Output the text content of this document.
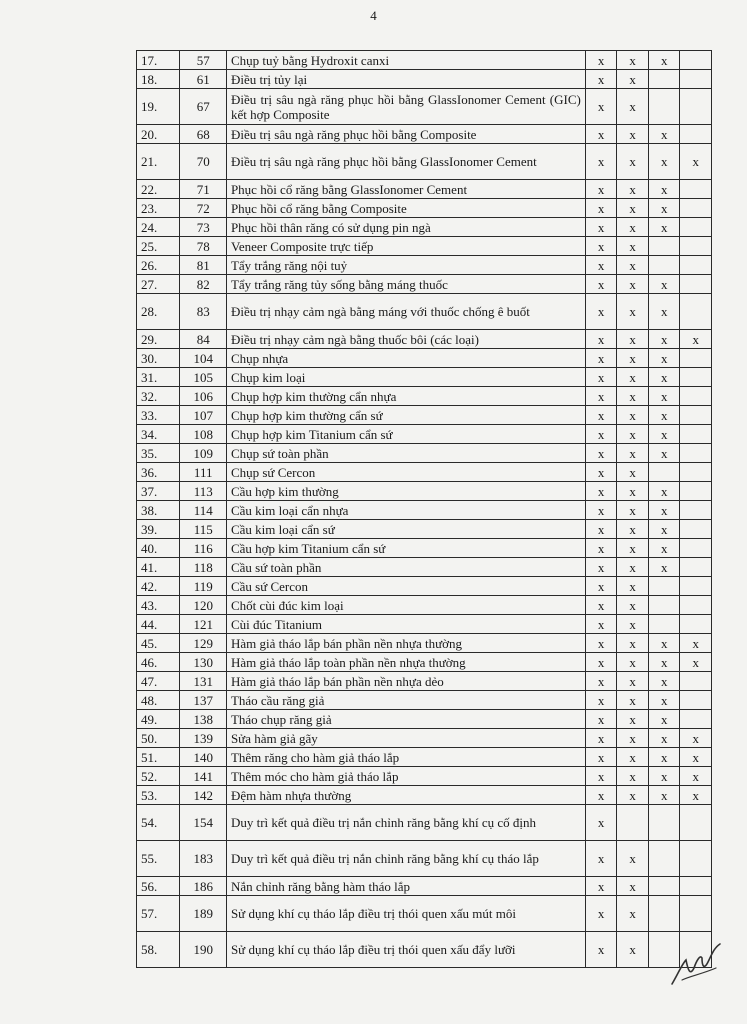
4
17.	57	Chụp tuỷ bằng Hydroxit canxi	x	x	x	
18.	61	Điều trị tủy lại	x	x		
19.	67	Điều trị sâu ngà răng phục hồi bằng GlassIonomer Cement (GIC) kết hợp Composite	x	x		
20.	68	Điều trị sâu ngà răng phục hồi bằng Composite	x	x	x	
21.	70	Điều trị sâu ngà răng phục hồi bằng GlassIonomer Cement	x	x	x	x
22.	71	Phục hồi cổ răng bằng GlassIonomer Cement	x	x	x	
23.	72	Phục hồi cổ răng bằng Composite	x	x	x	
24.	73	Phục hồi thân răng có sử dụng pin ngà	x	x	x	
25.	78	Veneer Composite trực tiếp	x	x		
26.	81	Tẩy trắng răng nội tuỷ	x	x		
27.	82	Tẩy trắng răng tủy sống bằng máng thuốc	x	x	x	
28.	83	Điều trị nhạy cảm ngà bằng máng với thuốc chống ê buốt	x	x	x	
29.	84	Điều trị nhạy cảm ngà bằng thuốc bôi (các loại)	x	x	x	x
30.	104	Chụp nhựa	x	x	x	
31.	105	Chụp kim loại	x	x	x	
32.	106	Chụp hợp kim thường cẩn nhựa	x	x	x	
33.	107	Chụp hợp kim thường cẩn sứ	x	x	x	
34.	108	Chụp hợp kim Titanium cẩn sứ	x	x	x	
35.	109	Chụp sứ toàn phần	x	x	x	
36.	111	Chụp sứ Cercon	x	x		
37.	113	Cầu hợp kim thường	x	x	x	
38.	114	Cầu kim loại cẩn nhựa	x	x	x	
39.	115	Cầu kim loại cẩn sứ	x	x	x	
40.	116	Cầu hợp kim Titanium cẩn sứ	x	x	x	
41.	118	Cầu sứ toàn phần	x	x	x	
42.	119	Cầu sứ Cercon	x	x		
43.	120	Chốt cùi đúc kim loại	x	x		
44.	121	Cùi đúc Titanium	x	x		
45.	129	Hàm giả tháo lắp bán phần nền nhựa thường	x	x	x	x
46.	130	Hàm giả tháo lắp toàn phần nền nhựa thường	x	x	x	x
47.	131	Hàm giả tháo lắp bán phần nền nhựa dẻo	x	x	x	
48.	137	Tháo cầu răng giả	x	x	x	
49.	138	Tháo chụp răng giả	x	x	x	
50.	139	Sửa hàm giả gãy	x	x	x	x
51.	140	Thêm răng cho hàm giả tháo lắp	x	x	x	x
52.	141	Thêm móc cho hàm giả tháo lắp	x	x	x	x
53.	142	Đệm hàm nhựa thường	x	x	x	x
54.	154	Duy trì kết quả điều trị nắn chỉnh răng bằng khí cụ cố định	x			
55.	183	Duy trì kết quả điều trị nắn chỉnh răng bằng khí cụ tháo lắp	x	x		
56.	186	Nắn chỉnh răng bằng hàm tháo lắp	x	x		
57.	189	Sử dụng khí cụ tháo lắp điều trị thói quen xấu mút môi	x	x		
58.	190	Sử dụng khí cụ tháo lắp điều trị thói quen xấu đẩy lưỡi	x	x		
